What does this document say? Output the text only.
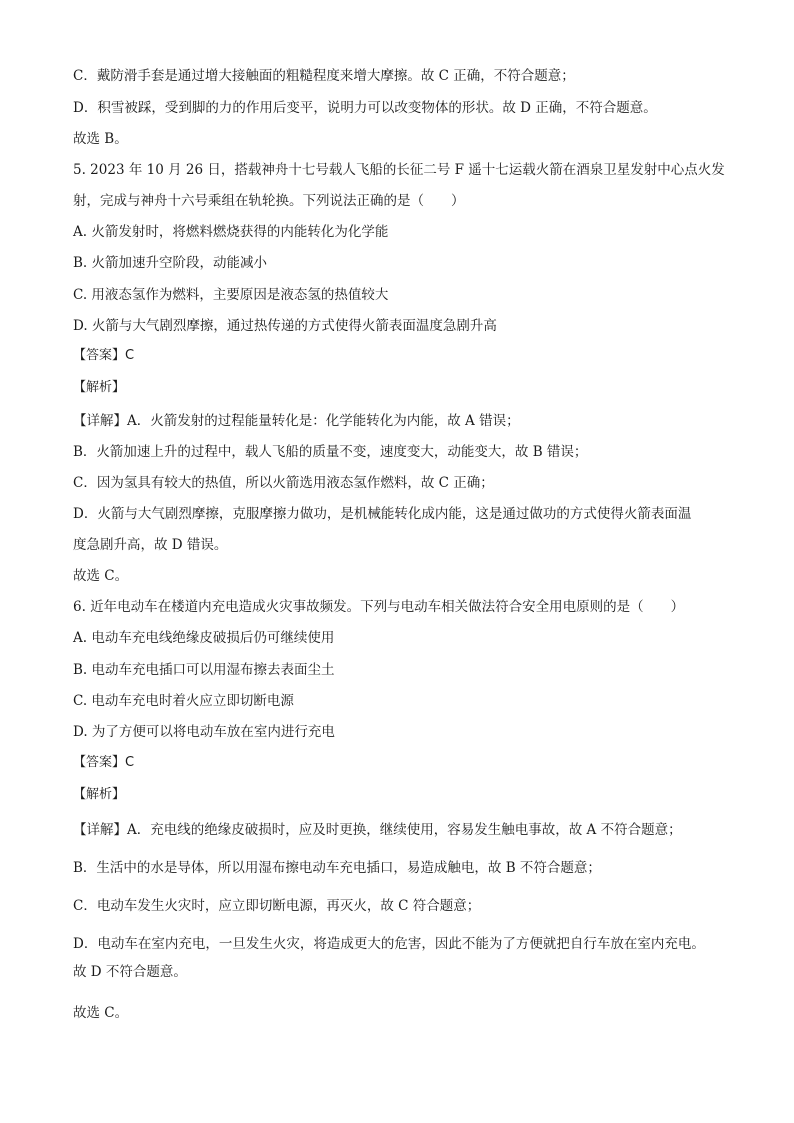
C．戴防滑手套是通过增大接触面的粗糙程度来增大摩擦。故 C 正确，不符合题意；
D．积雪被踩，受到脚的力的作用后变平，说明力可以改变物体的形状。故 D 正确，不符合题意。
故选 B。
5. 2023 年 10 月 26 日，搭载神舟十七号载人飞船的长征二号 F 遥十七运载火箭在酒泉卫星发射中心点火发
射，完成与神舟十六号乘组在轨轮换。下列说法正确的是（　　）
A. 火箭发射时，将燃料燃烧获得的内能转化为化学能
B. 火箭加速升空阶段，动能减小
C. 用液态氢作为燃料，主要原因是液态氢的热值较大
D. 火箭与大气剧烈摩擦，通过热传递的方式使得火箭表面温度急剧升高
【答案】C
【解析】
【详解】A．火箭发射的过程能量转化是：化学能转化为内能，故 A 错误；
B．火箭加速上升的过程中，载人飞船的质量不变，速度变大，动能变大，故 B 错误；
C．因为氢具有较大的热值，所以火箭选用液态氢作燃料，故 C 正确；
D．火箭与大气剧烈摩擦，克服摩擦力做功，是机械能转化成内能，这是通过做功的方式使得火箭表面温
度急剧升高，故 D 错误。
故选 C。
6. 近年电动车在楼道内充电造成火灾事故频发。下列与电动车相关做法符合安全用电原则的是（　　）
A. 电动车充电线绝缘皮破损后仍可继续使用
B. 电动车充电插口可以用湿布擦去表面尘土
C. 电动车充电时着火应立即切断电源
D. 为了方便可以将电动车放在室内进行充电
【答案】C
【解析】
【详解】A．充电线的绝缘皮破损时，应及时更换，继续使用，容易发生触电事故，故 A 不符合题意；
B．生活中的水是导体，所以用湿布擦电动车充电插口，易造成触电，故 B 不符合题意；
C．电动车发生火灾时，应立即切断电源，再灭火，故 C 符合题意；
D．电动车在室内充电，一旦发生火灾，将造成更大的危害，因此不能为了方便就把自行车放在室内充电。
故 D 不符合题意。
故选 C。
